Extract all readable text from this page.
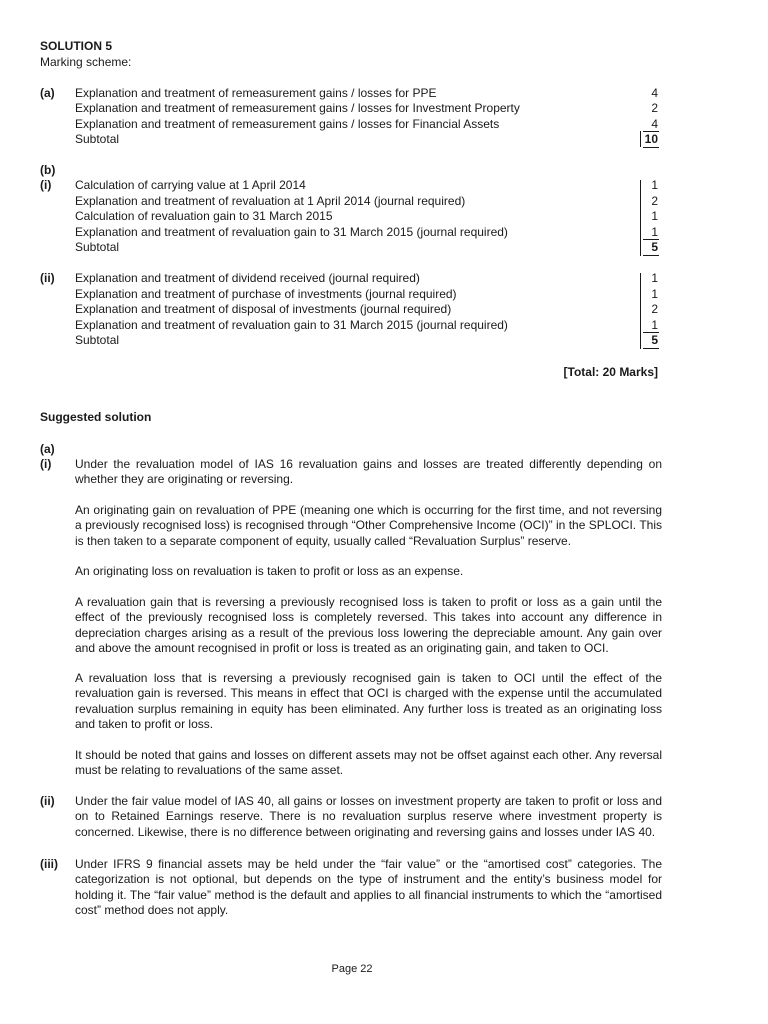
SOLUTION 5
Marking scheme:
(a) Explanation and treatment of remeasurement gains / losses for PPE
Explanation and treatment of remeasurement gains / losses for Investment Property
Explanation and treatment of remeasurement gains / losses for Financial Assets
Subtotal
4
2
4
10
(b)
(i) Calculation of carrying value at 1 April 2014
Explanation and treatment of revaluation at 1 April 2014 (journal required)
Calculation of revaluation gain to 31 March 2015
Explanation and treatment of revaluation gain to 31 March 2015 (journal required)
Subtotal
1
2
1
1
5
(ii) Explanation and treatment of dividend received (journal required)
Explanation and treatment of purchase of investments (journal required)
Explanation and treatment of disposal of investments (journal required)
Explanation and treatment of revaluation gain to 31 March 2015 (journal required)
Subtotal
1
1
2
1
5
[Total: 20 Marks]
Suggested solution
(a)
(i) Under the revaluation model of IAS 16 revaluation gains and losses are treated differently depending on whether they are originating or reversing.
An originating gain on revaluation of PPE (meaning one which is occurring for the first time, and not reversing a previously recognised loss) is recognised through “Other Comprehensive Income (OCI)” in the SPLOCI. This is then taken to a separate component of equity, usually called “Revaluation Surplus” reserve.
An originating loss on revaluation is taken to profit or loss as an expense.
A revaluation gain that is reversing a previously recognised loss is taken to profit or loss as a gain until the effect of the previously recognised loss is completely reversed. This takes into account any difference in depreciation charges arising as a result of the previous loss lowering the depreciable amount. Any gain over and above the amount recognised in profit or loss is treated as an originating gain, and taken to OCI.
A revaluation loss that is reversing a previously recognised gain is taken to OCI until the effect of the revaluation gain is reversed. This means in effect that OCI is charged with the expense until the accumulated revaluation surplus remaining in equity has been eliminated. Any further loss is treated as an originating loss and taken to profit or loss.
It should be noted that gains and losses on different assets may not be offset against each other. Any reversal must be relating to revaluations of the same asset.
(ii) Under the fair value model of IAS 40, all gains or losses on investment property are taken to profit or loss and on to Retained Earnings reserve. There is no revaluation surplus reserve where investment property is concerned. Likewise, there is no difference between originating and reversing gains and losses under IAS 40.
(iii) Under IFRS 9 financial assets may be held under the “fair value” or the “amortised cost” categories. The categorization is not optional, but depends on the type of instrument and the entity’s business model for holding it. The “fair value” method is the default and applies to all financial instruments to which the “amortised cost” method does not apply.
Page 22
